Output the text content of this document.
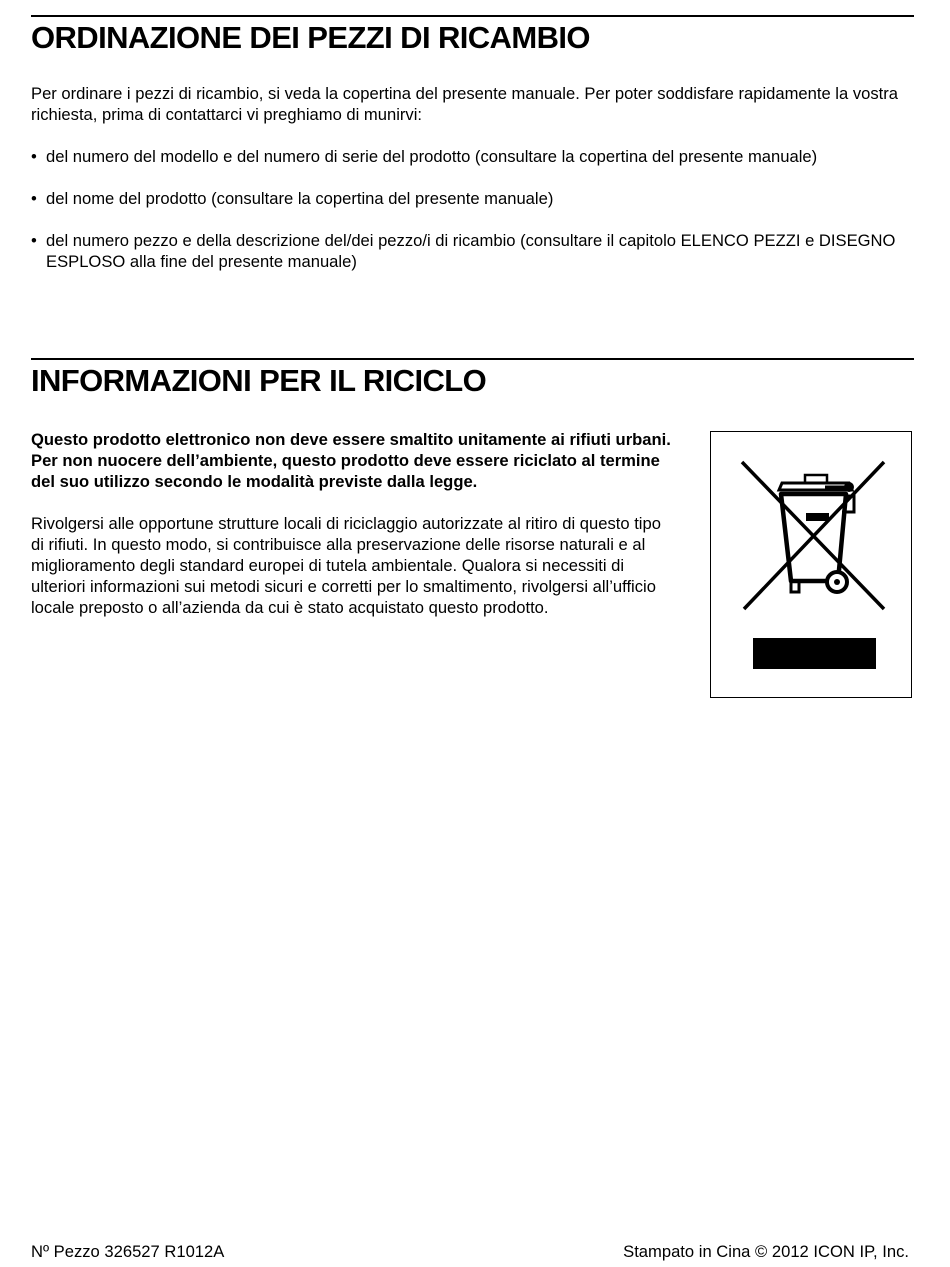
ORDINAZIONE DEI PEZZI DI RICAMBIO

Per ordinare i pezzi di ricambio, si veda la copertina del presente manuale. Per poter soddisfare rapidamente la vostra richiesta, prima di contattarci vi preghiamo di munirvi:

• del numero del modello e del numero di serie del prodotto (consultare la copertina del presente manuale)
• del nome del prodotto (consultare la copertina del presente manuale)
• del numero pezzo e della descrizione del/dei pezzo/i di ricambio (consultare il capitolo ELENCO PEZZI e DISEGNO ESPLOSO alla fine del presente manuale)
INFORMAZIONI PER IL RICICLO

Questo prodotto elettronico non deve essere smaltito unitamente ai rifiuti urbani. Per non nuocere dell’ambiente, questo prodotto deve essere riciclato al termine del suo utilizzo secondo le modalità previste dalla legge.

Rivolgersi alle opportune strutture locali di riciclaggio autorizzate al ritiro di questo tipo di rifiuti. In questo modo, si contribuisce alla preservazione delle risorse naturali e al miglioramento degli standard europei di tutela ambientale. Qualora si necessiti di ulteriori informazioni sui metodi sicuri e corretti per lo smaltimento, rivolgersi all’ufficio locale preposto o all’azienda da cui è stato acquistato questo prodotto.

Nº Pezzo 326527 R1012A	Stampato in Cina © 2012 ICON IP, Inc.
